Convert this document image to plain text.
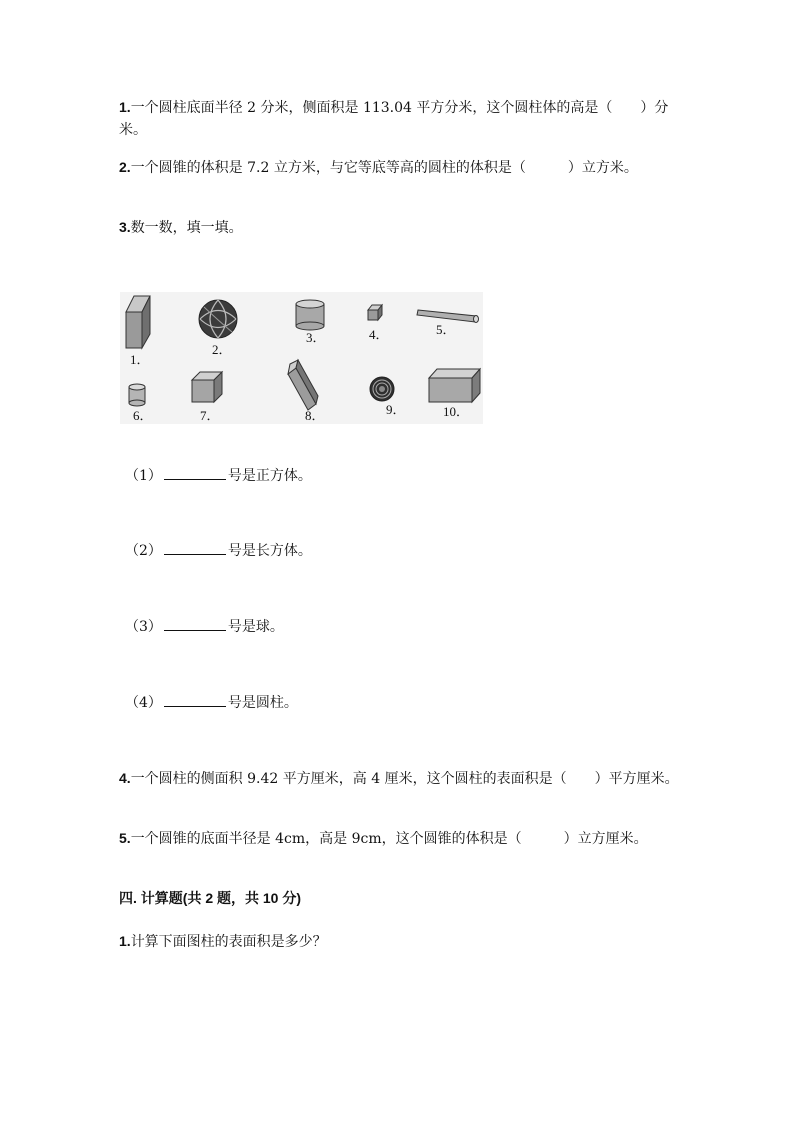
1.一个圆柱底面半径 2 分米，侧面积是 113.04 平方分米，这个圆柱体的高是（　　）分米。
2.一个圆锥的体积是 7.2 立方米，与它等底等高的圆柱的体积是（　　　）立方米。
3.数一数，填一填。
1．
2．
3．	4．	5．
6．	7．	8．	9．	10．
（1）	号是正方体。
（2）	号是长方体。
（3）	号是球。
（4）	号是圆柱。
4.一个圆柱的侧面积 9.42 平方厘米，高 4 厘米，这个圆柱的表面积是（　　）平方厘米。
5.一个圆锥的底面半径是 4cm，高是 9cm，这个圆锥的体积是（　　　）立方厘米。
四. 计算题(共 2 题，共 10 分)
1.计算下面图柱的表面积是多少？
